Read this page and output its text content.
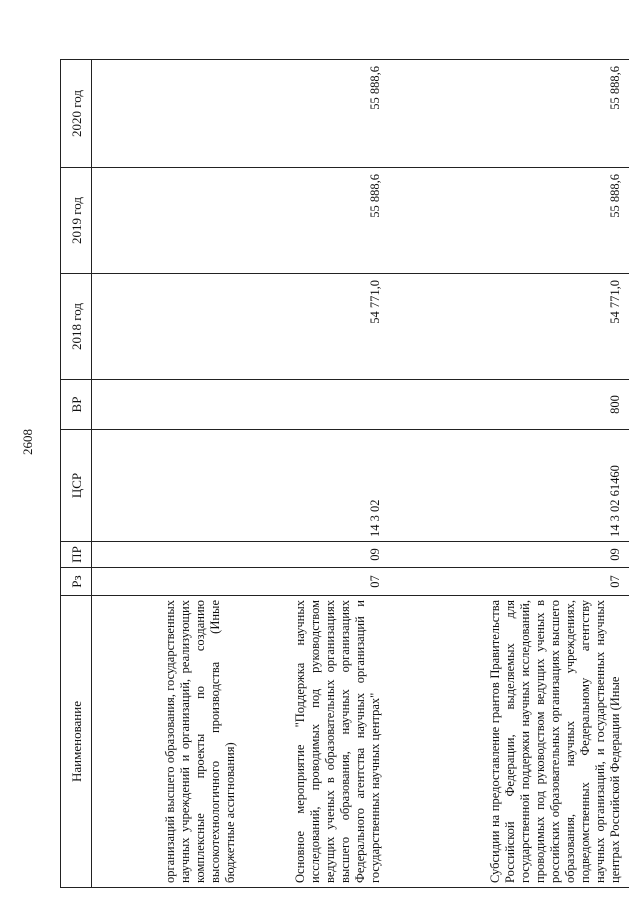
2608
Наименование	Рз	ПР	ЦСР	ВР	2018 год	2019 год	2020 год
организаций высшего образования, государственных научных учреждений и организаций, реализующих комплексные проекты по созданию высокотехнологичного производства (Иные бюджетные ассигнования)							
Основное мероприятие "Поддержка научных исследований, проводимых под руководством ведущих ученых в образовательных организациях высшего образования, научных организациях Федерального агентства научных организаций и государственных научных центрах"	07	09	14 3 02		54 771,0	55 888,6	55 888,6
Субсидии на предоставление грантов Правительства Российской Федерации, выделяемых для государственной поддержки научных исследований, проводимых под руководством ведущих ученых в российских образовательных организациях высшего образования, научных учреждениях, подведомственных Федеральному агентству научных организаций, и государственных научных центрах Российской Федерации (Иные	07	09	14 3 02 61460	800	54 771,0	55 888,6	55 888,6
